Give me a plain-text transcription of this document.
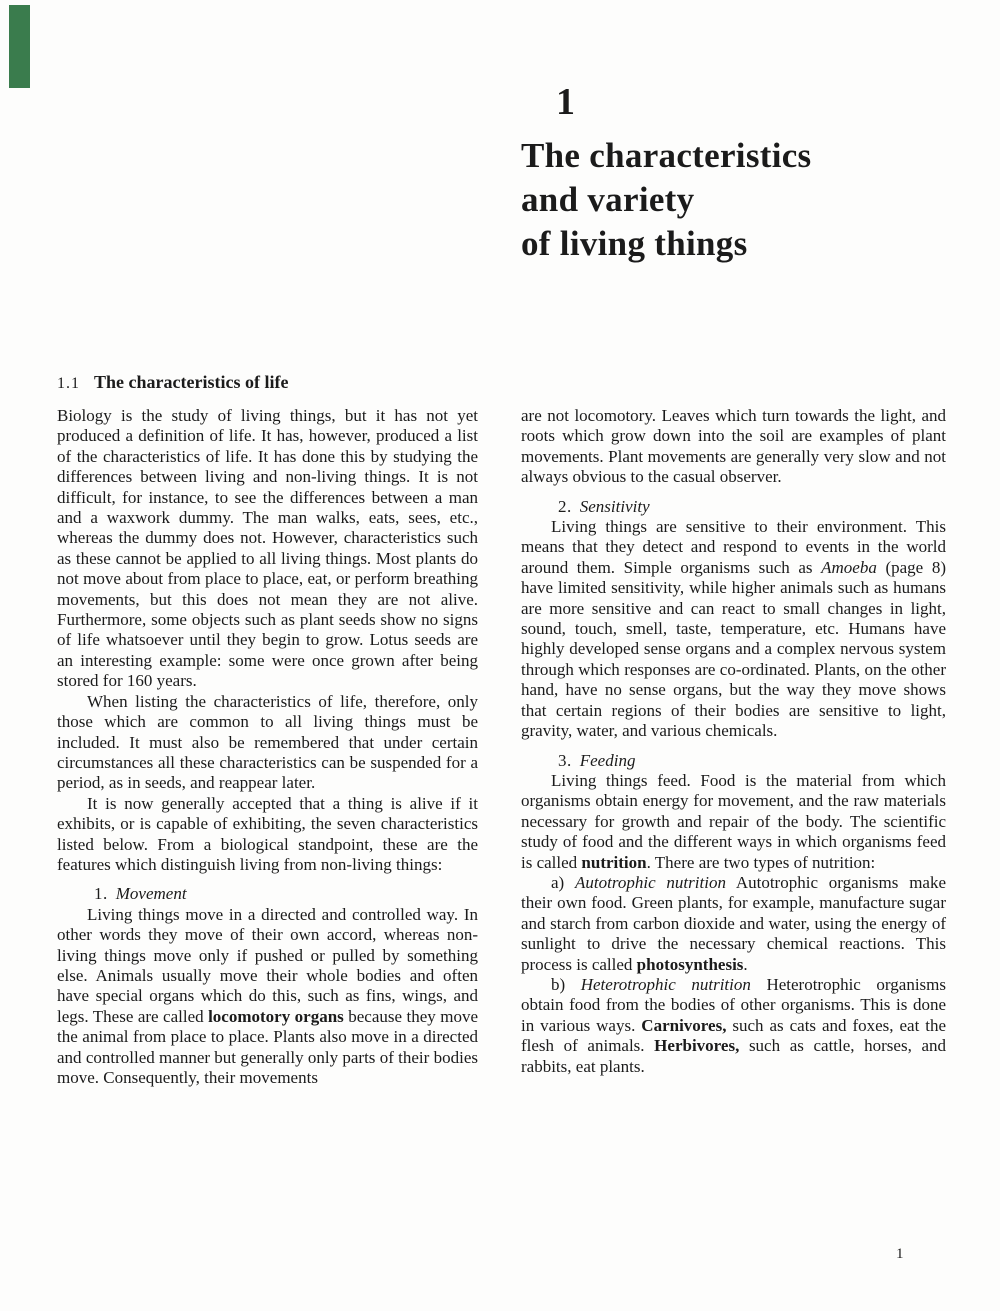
1
The characteristics
and variety
of living things
1.1 The characteristics of life

Biology is the study of living things, but it has not yet produced a definition of life. It has, however, produced a list of the characteristics of life. It has done this by studying the differences between living and non-living things. It is not difficult, for instance, to see the differences between a man and a waxwork dummy. The man walks, eats, sees, etc., whereas the dummy does not. However, characteristics such as these cannot be applied to all living things. Most plants do not move about from place to place, eat, or perform breathing movements, but this does not mean they are not alive. Furthermore, some objects such as plant seeds show no signs of life whatsoever until they begin to grow. Lotus seeds are an interesting example: some were once grown after being stored for 160 years.

When listing the characteristics of life, therefore, only those which are common to all living things must be included. It must also be remembered that under certain circumstances all these characteristics can be suspended for a period, as in seeds, and reappear later.

It is now generally accepted that a thing is alive if it exhibits, or is capable of exhibiting, the seven characteristics listed below. From a biological standpoint, these are the features which distinguish living from non-living things:

1. Movement

Living things move in a directed and controlled way. In other words they move of their own accord, whereas non-living things move only if pushed or pulled by something else. Animals usually move their whole bodies and often have special organs which do this, such as fins, wings, and legs. These are called locomotory organs because they move the animal from place to place. Plants also move in a directed and controlled manner but generally only parts of their bodies move. Consequently, their movements

are not locomotory. Leaves which turn towards the light, and roots which grow down into the soil are examples of plant movements. Plant movements are generally very slow and not always obvious to the casual observer.

2. Sensitivity

Living things are sensitive to their environment. This means that they detect and respond to events in the world around them. Simple organisms such as Amoeba (page 8) have limited sensitivity, while higher animals such as humans are more sensitive and can react to small changes in light, sound, touch, smell, taste, temperature, etc. Humans have highly developed sense organs and a complex nervous system through which responses are co-ordinated. Plants, on the other hand, have no sense organs, but the way they move shows that certain regions of their bodies are sensitive to light, gravity, water, and various chemicals.

3. Feeding

Living things feed. Food is the material from which organisms obtain energy for movement, and the raw materials necessary for growth and repair of the body. The scientific study of food and the different ways in which organisms feed is called nutrition. There are two types of nutrition:

a) Autotrophic nutrition Autotrophic organisms make their own food. Green plants, for example, manufacture sugar and starch from carbon dioxide and water, using the energy of sunlight to drive the necessary chemical reactions. This process is called photosynthesis.

b) Heterotrophic nutrition Heterotrophic organisms obtain food from the bodies of other organisms. This is done in various ways. Carnivores, such as cats and foxes, eat the flesh of animals. Herbivores, such as cattle, horses, and rabbits, eat plants.

1
